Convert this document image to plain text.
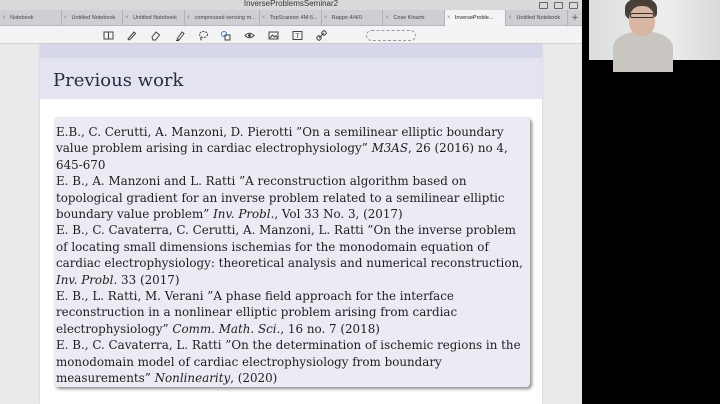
InverseProblemsSeminar2
× Notebook	× Untitled Notebook	× Untitled Notebook	× compressed sensing m...	× TopScanner 4M-5...	× Rappo 4/4/0	× Cose Kinami	× InverseProble...	× Untitled Notebook	+
T
Previous work

E.B., C. Cerutti, A. Manzoni, D. Pierotti ”On a semilinear elliptic boundary value problem arising in cardiac electrophysiology” M3AS, 26 (2016) no 4, 645-670

E. B., A. Manzoni and L. Ratti ”A reconstruction algorithm based on topological gradient for an inverse problem related to a semilinear elliptic boundary value problem” Inv. Probl., Vol 33 No. 3, (2017)

E. B., C. Cavaterra, C. Cerutti, A. Manzoni, L. Ratti ”On the inverse problem of locating small dimensions ischemias for the monodomain equation of cardiac electrophysiology: theoretical analysis and numerical reconstruction, Inv. Probl. 33 (2017)

E. B., L. Ratti, M. Verani ”A phase field approach for the interface reconstruction in a nonlinear elliptic problem arising from cardiac electrophysiology” Comm. Math. Sci., 16 no. 7 (2018)

E. B., C. Cavaterra, L. Ratti ”On the determination of ischemic regions in the monodomain model of cardiac electrophysiology from boundary measurements” Nonlinearity, (2020)
